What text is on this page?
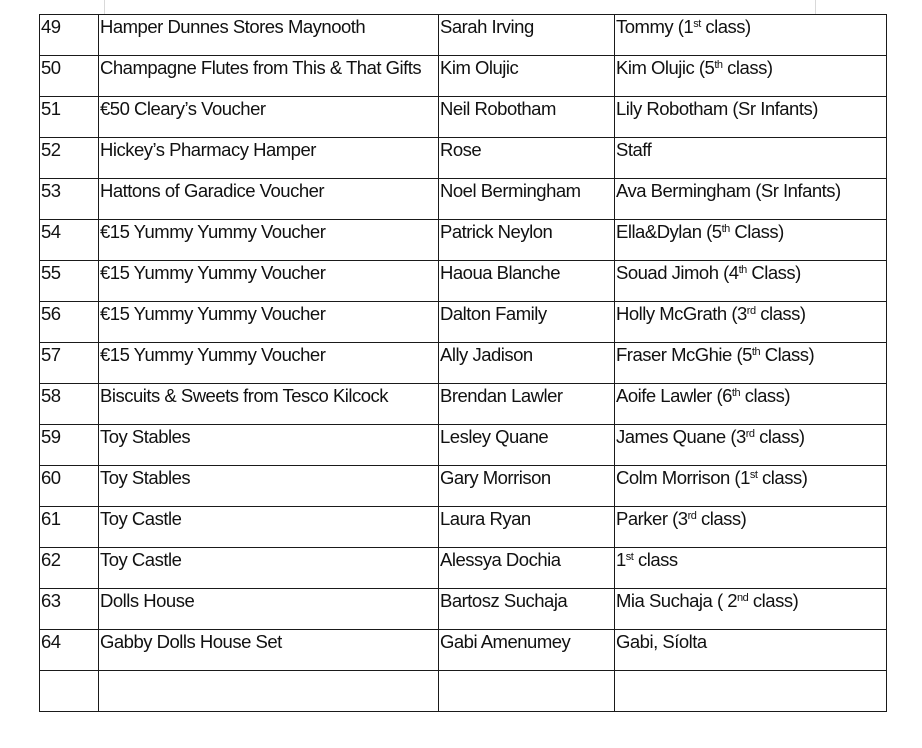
49	Hamper Dunnes Stores Maynooth	Sarah Irving	Tommy (1st class)
50	Champagne Flutes from This & That Gifts	Kim Olujic	Kim Olujic (5th class)
51	€50 Cleary’s Voucher	Neil Robotham	Lily Robotham (Sr Infants)
52	Hickey’s Pharmacy Hamper	Rose	Staff
53	Hattons of Garadice Voucher	Noel Bermingham	Ava Bermingham (Sr Infants)
54	€15 Yummy Yummy Voucher	Patrick Neylon	Ella&Dylan (5th Class)
55	€15 Yummy Yummy Voucher	Haoua Blanche	Souad Jimoh (4th Class)
56	€15 Yummy Yummy Voucher	Dalton Family	Holly McGrath (3rd class)
57	€15 Yummy Yummy Voucher	Ally Jadison	Fraser McGhie (5th Class)
58	Biscuits & Sweets from Tesco Kilcock	Brendan Lawler	Aoife Lawler (6th class)
59	Toy Stables	Lesley Quane	James Quane (3rd class)
60	Toy Stables	Gary Morrison	Colm Morrison (1st class)
61	Toy Castle	Laura Ryan	Parker (3rd class)
62	Toy Castle	Alessya Dochia	1st class
63	Dolls House	Bartosz Suchaja	Mia Suchaja ( 2nd class)
64	Gabby Dolls House Set	Gabi Amenumey	Gabi, Síolta
